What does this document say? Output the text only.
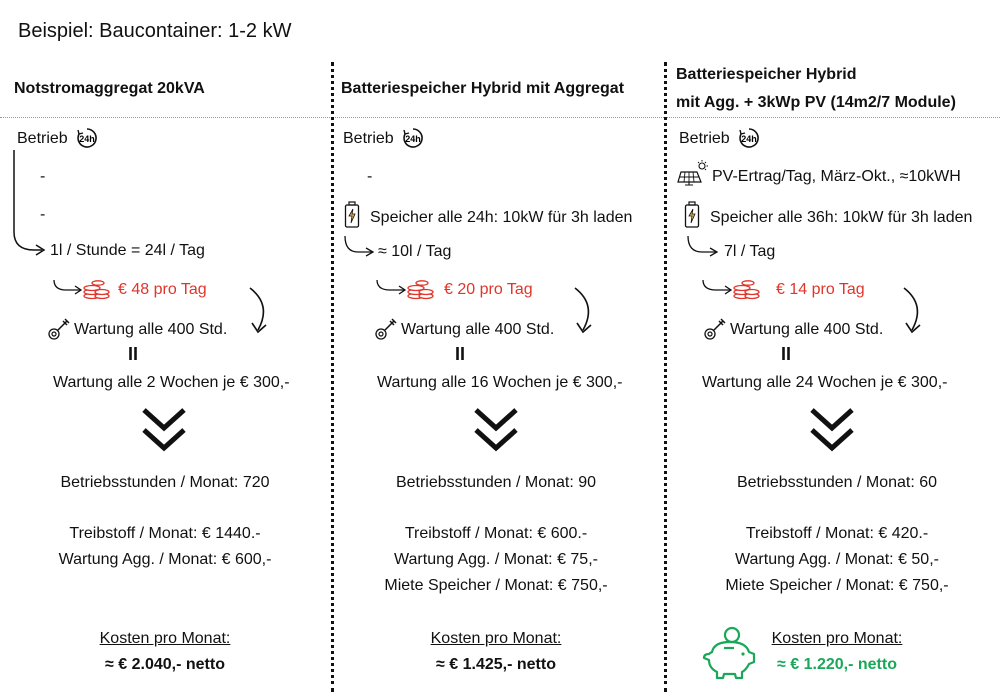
Beispiel: Baucontainer: 1-2 kW
Notstromaggregat 20kVA
Betrieb 24h
-
-
1l / Stunde = 24l / Tag
€ 48 pro Tag
Wartung alle 400 Std.
II
Wartung alle 2 Wochen je € 300,-
Betriebsstunden / Monat: 720
Treibstoff / Monat: € 1440.-
Wartung Agg. / Monat: € 600,-
Kosten pro Monat:
≈ € 2.040,- netto
Batteriespeicher Hybrid mit Aggregat
Betrieb 24h
-
Speicher alle 24h: 10kW für 3h laden
≈ 10l / Tag
€ 20 pro Tag
Wartung alle 400 Std.
II
Wartung alle 16 Wochen je € 300,-
Betriebsstunden / Monat: 90
Treibstoff / Monat: € 600.-
Wartung Agg. / Monat: € 75,-
Miete Speicher / Monat: € 750,-
Kosten pro Monat:
≈ € 1.425,- netto
Batteriespeicher Hybrid
mit Agg. + 3kWp PV (14m2/7 Module)
Betrieb 24h
PV-Ertrag/Tag, März-Okt., ≈10kWH
Speicher alle 36h: 10kW für 3h laden
7l / Tag
€ 14 pro Tag
Wartung alle 400 Std.
II
Wartung alle 24 Wochen je € 300,-
Betriebsstunden / Monat: 60
Treibstoff / Monat: € 420.-
Wartung Agg. / Monat: € 50,-
Miete Speicher / Monat: € 750,-
Kosten pro Monat:
≈ € 1.220,- netto
